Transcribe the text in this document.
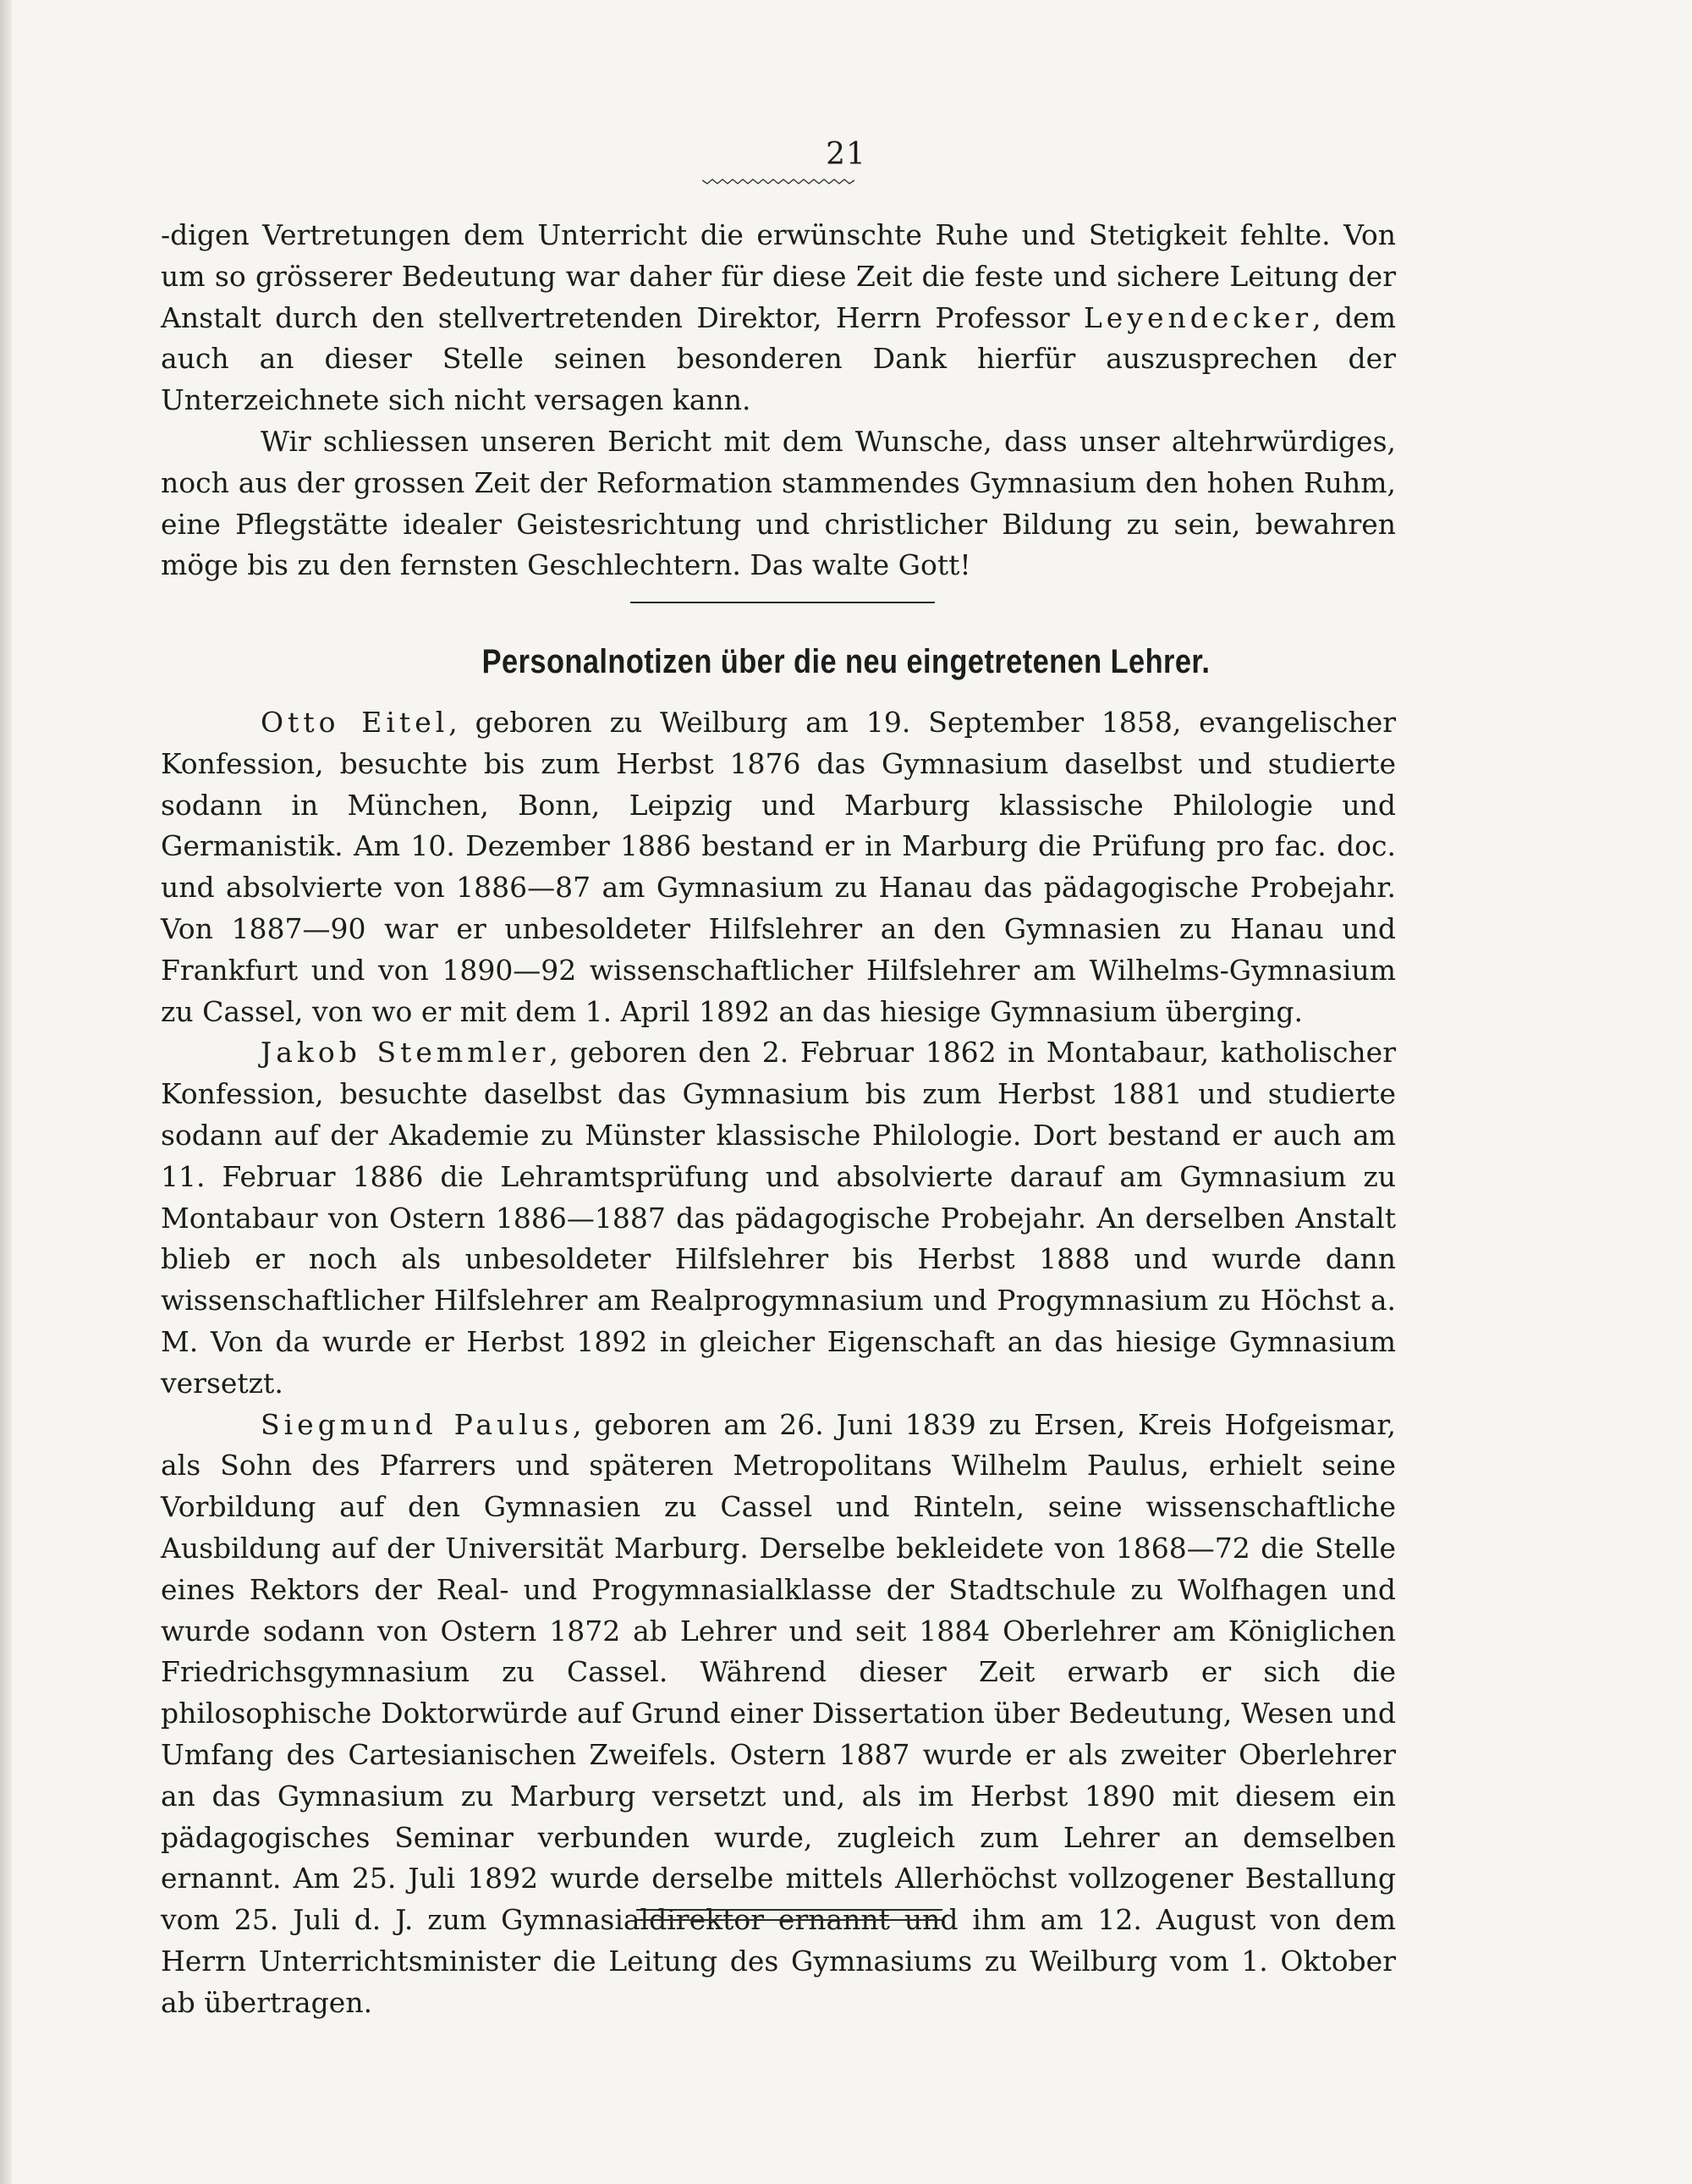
21

-digen Vertretungen dem Unterricht die erwünschte Ruhe und Stetigkeit fehlte. Von um so grösserer Bedeutung war daher für diese Zeit die feste und sichere Leitung der Anstalt durch den stellvertretenden Direktor, Herrn Professor Leyendecker, dem auch an dieser Stelle seinen besonderen Dank hierfür auszusprechen der Unterzeichnete sich nicht versagen kann.

Wir schliessen unseren Bericht mit dem Wunsche, dass unser altehrwürdiges, noch aus der grossen Zeit der Reformation stammendes Gymnasium den hohen Ruhm, eine Pflegstätte idealer Geistesrichtung und christlicher Bildung zu sein, bewahren möge bis zu den fernsten Geschlechtern. Das walte Gott!

Personalnotizen über die neu eingetretenen Lehrer.

Otto Eitel, geboren zu Weilburg am 19. September 1858, evangelischer Konfession, besuchte bis zum Herbst 1876 das Gymnasium daselbst und studierte sodann in München, Bonn, Leipzig und Marburg klassische Philologie und Germanistik. Am 10. Dezember 1886 bestand er in Marburg die Prüfung pro fac. doc. und absolvierte von 1886—87 am Gymnasium zu Hanau das pädagogische Probejahr. Von 1887—90 war er unbesoldeter Hilfslehrer an den Gymnasien zu Hanau und Frankfurt und von 1890—92 wissenschaftlicher Hilfslehrer am Wilhelms-Gymnasium zu Cassel, von wo er mit dem 1. April 1892 an das hiesige Gymnasium überging.

Jakob Stemmler, geboren den 2. Februar 1862 in Montabaur, katholischer Konfession, besuchte daselbst das Gymnasium bis zum Herbst 1881 und studierte sodann auf der Akademie zu Münster klassische Philologie. Dort bestand er auch am 11. Februar 1886 die Lehramtsprüfung und absolvierte darauf am Gymnasium zu Montabaur von Ostern 1886—1887 das pädagogische Probejahr. An derselben Anstalt blieb er noch als unbesoldeter Hilfslehrer bis Herbst 1888 und wurde dann wissenschaftlicher Hilfslehrer am Realprogymnasium und Progymnasium zu Höchst a. M. Von da wurde er Herbst 1892 in gleicher Eigenschaft an das hiesige Gymnasium versetzt.

Siegmund Paulus, geboren am 26. Juni 1839 zu Ersen, Kreis Hofgeismar, als Sohn des Pfarrers und späteren Metropolitans Wilhelm Paulus, erhielt seine Vorbildung auf den Gymnasien zu Cassel und Rinteln, seine wissenschaftliche Ausbildung auf der Universität Marburg. Derselbe bekleidete von 1868—72 die Stelle eines Rektors der Real- und Progymnasialklasse der Stadtschule zu Wolfhagen und wurde sodann von Ostern 1872 ab Lehrer und seit 1884 Oberlehrer am Königlichen Friedrichsgymnasium zu Cassel. Während dieser Zeit erwarb er sich die philosophische Doktorwürde auf Grund einer Dissertation über Bedeutung, Wesen und Umfang des Cartesianischen Zweifels. Ostern 1887 wurde er als zweiter Oberlehrer an das Gymnasium zu Marburg versetzt und, als im Herbst 1890 mit diesem ein pädagogisches Seminar verbunden wurde, zugleich zum Lehrer an demselben ernannt. Am 25. Juli 1892 wurde derselbe mittels Allerhöchst vollzogener Bestallung vom 25. Juli d. J. zum Gymnasialdirektor ernannt und ihm am 12. August von dem Herrn Unterrichtsminister die Leitung des Gymnasiums zu Weilburg vom 1. Oktober ab übertragen.
